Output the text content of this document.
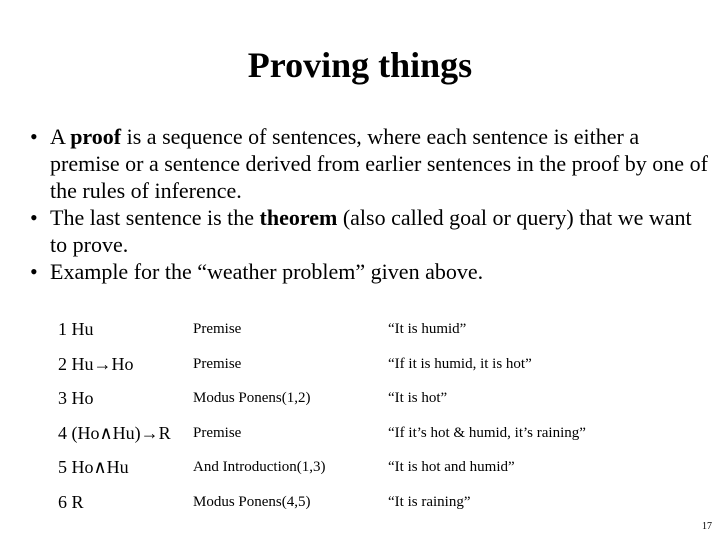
Proving things
• A proof is a sequence of sentences, where each sentence is either a premise or a sentence derived from earlier sentences in the proof by one of the rules of inference.
• The last sentence is the theorem (also called goal or query) that we want to prove.
• Example for the “weather problem” given above.
1 Hu	Premise	“It is humid”
2 Hu→Ho	Premise	“If it is humid, it is hot”
3 Ho	Modus Ponens(1,2)	“It is hot”
4 (Ho∧Hu)→R Premise	“If it’s hot & humid, it’s raining”
5 Ho∧Hu	And Introduction(1,3)	“It is hot and humid”
6 R	Modus Ponens(4,5)	“It is raining”
17
